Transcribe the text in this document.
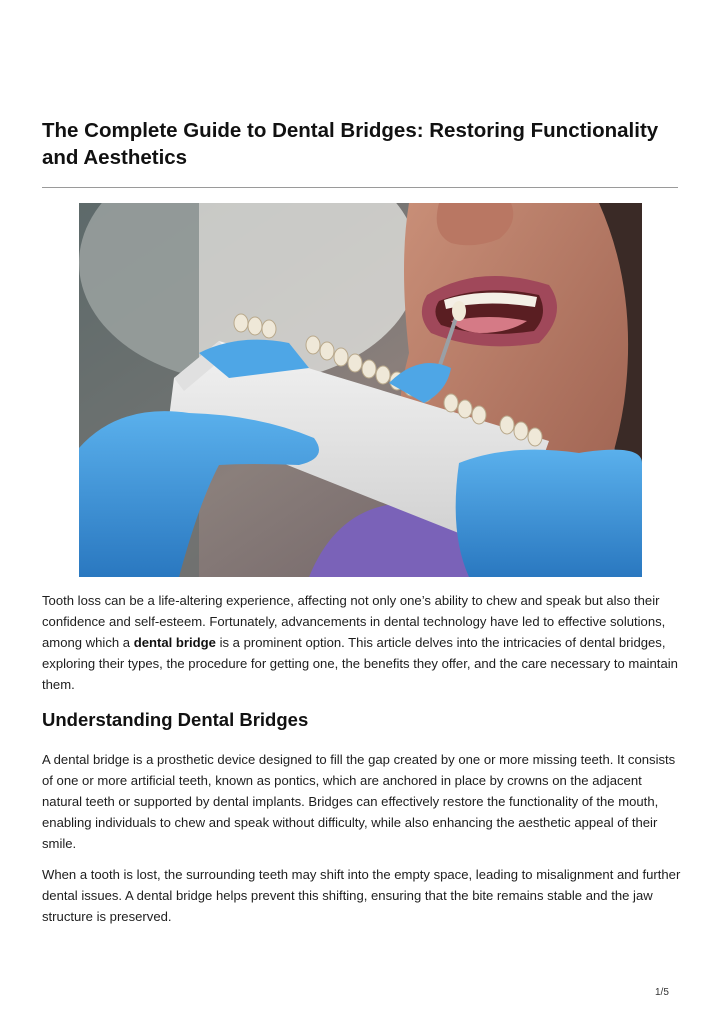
The Complete Guide to Dental Bridges: Restoring Functionality and Aesthetics

Tooth loss can be a life-altering experience, affecting not only one’s ability to chew and speak but also their confidence and self-esteem. Fortunately, advancements in dental technology have led to effective solutions, among which a dental bridge is a prominent option. This article delves into the intricacies of dental bridges, exploring their types, the procedure for getting one, the benefits they offer, and the care necessary to maintain them.

Understanding Dental Bridges

A dental bridge is a prosthetic device designed to fill the gap created by one or more missing teeth. It consists of one or more artificial teeth, known as pontics, which are anchored in place by crowns on the adjacent natural teeth or supported by dental implants. Bridges can effectively restore the functionality of the mouth, enabling individuals to chew and speak without difficulty, while also enhancing the aesthetic appeal of their smile.

When a tooth is lost, the surrounding teeth may shift into the empty space, leading to misalignment and further dental issues. A dental bridge helps prevent this shifting, ensuring that the bite remains stable and the jaw structure is preserved.

1/5
